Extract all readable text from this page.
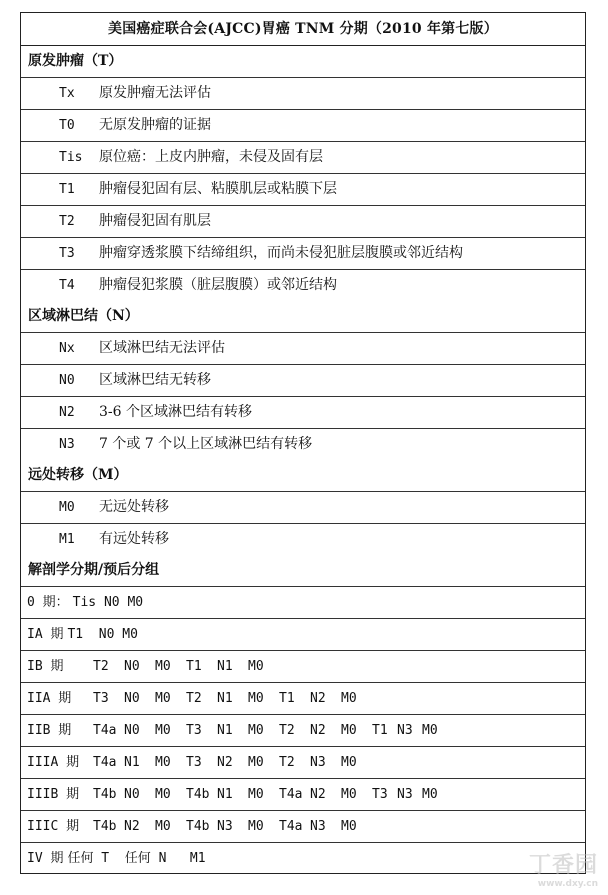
美国癌症联合会(AJCC)胃癌 TNM 分期（2010 年第七版）
原发肿瘤（T）
Tx 原发肿瘤无法评估
T0 无原发肿瘤的证据
Tis 原位癌：上皮内肿瘤，未侵及固有层
T1 肿瘤侵犯固有层、粘膜肌层或粘膜下层
T2 肿瘤侵犯固有肌层
T3 肿瘤穿透浆膜下结缔组织，而尚未侵犯脏层腹膜或邻近结构
T4 肿瘤侵犯浆膜（脏层腹膜）或邻近结构
区域淋巴结（N）
Nx 区域淋巴结无法评估
N0 区域淋巴结无转移
N2 3-6 个区域淋巴结有转移
N3 7 个或 7 个以上区域淋巴结有转移
远处转移（M）
M0 无远处转移
M1 有远处转移
解剖学分期/预后分组
0 期： Tis N0 M0
IA 期 T1  N0 M0
IB 期 T2 N0 M0 T1 N1 M0
IIA 期 T3 N0 M0 T2 N1 M0 T1 N2 M0
IIB 期 T4a N0 M0 T3 N1 M0 T2 N2 M0 T1 N3 M0
IIIA 期 T4a N1 M0 T3 N2 M0 T2 N3 M0
IIIB 期 T4b N0 M0 T4b N1 M0 T4a N2 M0 T3 N3 M0
IIIC 期 T4b N2 M0 T4b N3 M0 T4a N3 M0
IV 期 任何 T  任何 N   M1	丁香园
www.dxy.cn
